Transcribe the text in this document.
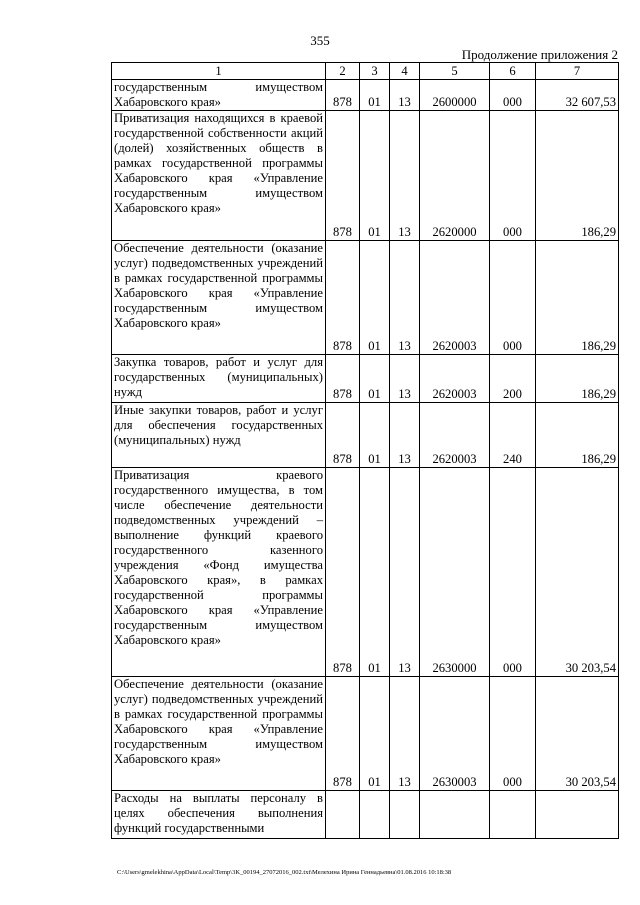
355
Продолжение приложения 2
1	2	3	4	5	6	7
государственным имуществом Хабаровского края»	878	01	13	2600000	000	32 607,53
Приватизация находящихся в краевой государственной собственности акций (долей) хозяйственных обществ в рамках государственной программы Хабаровского края «Управление государственным имуществом Хабаровского края»	878	01	13	2620000	000	186,29
Обеспечение деятельности (оказание услуг) подведомственных учреждений в рамках государственной программы Хабаровского края «Управление государственным имуществом Хабаровского края»	878	01	13	2620003	000	186,29
Закупка товаров, работ и услуг для государственных (муниципальных) нужд	878	01	13	2620003	200	186,29
Иные закупки товаров, работ и услуг для обеспечения государственных (муниципальных) нужд	878	01	13	2620003	240	186,29
Приватизация краевого государственного имущества, в том числе обеспечение деятельности подведомственных учреждений – выполнение функций краевого государственного казенного учреждения «Фонд имущества Хабаровского края», в рамках государственной программы Хабаровского края «Управление государственным имуществом Хабаровского края»	878	01	13	2630000	000	30 203,54
Обеспечение деятельности (оказание услуг) подведомственных учреждений в рамках государственной программы Хабаровского края «Управление государственным имуществом Хабаровского края»	878	01	13	2630003	000	30 203,54
Расходы на выплаты персоналу в целях обеспечения выполнения функций государственными						
C:\Users\gmelekhina\AppData\Local\Temp\3K_00194_27072016_002.txt\Мелехина Ирина Геннадьевна\01.08.2016 10:18:38
